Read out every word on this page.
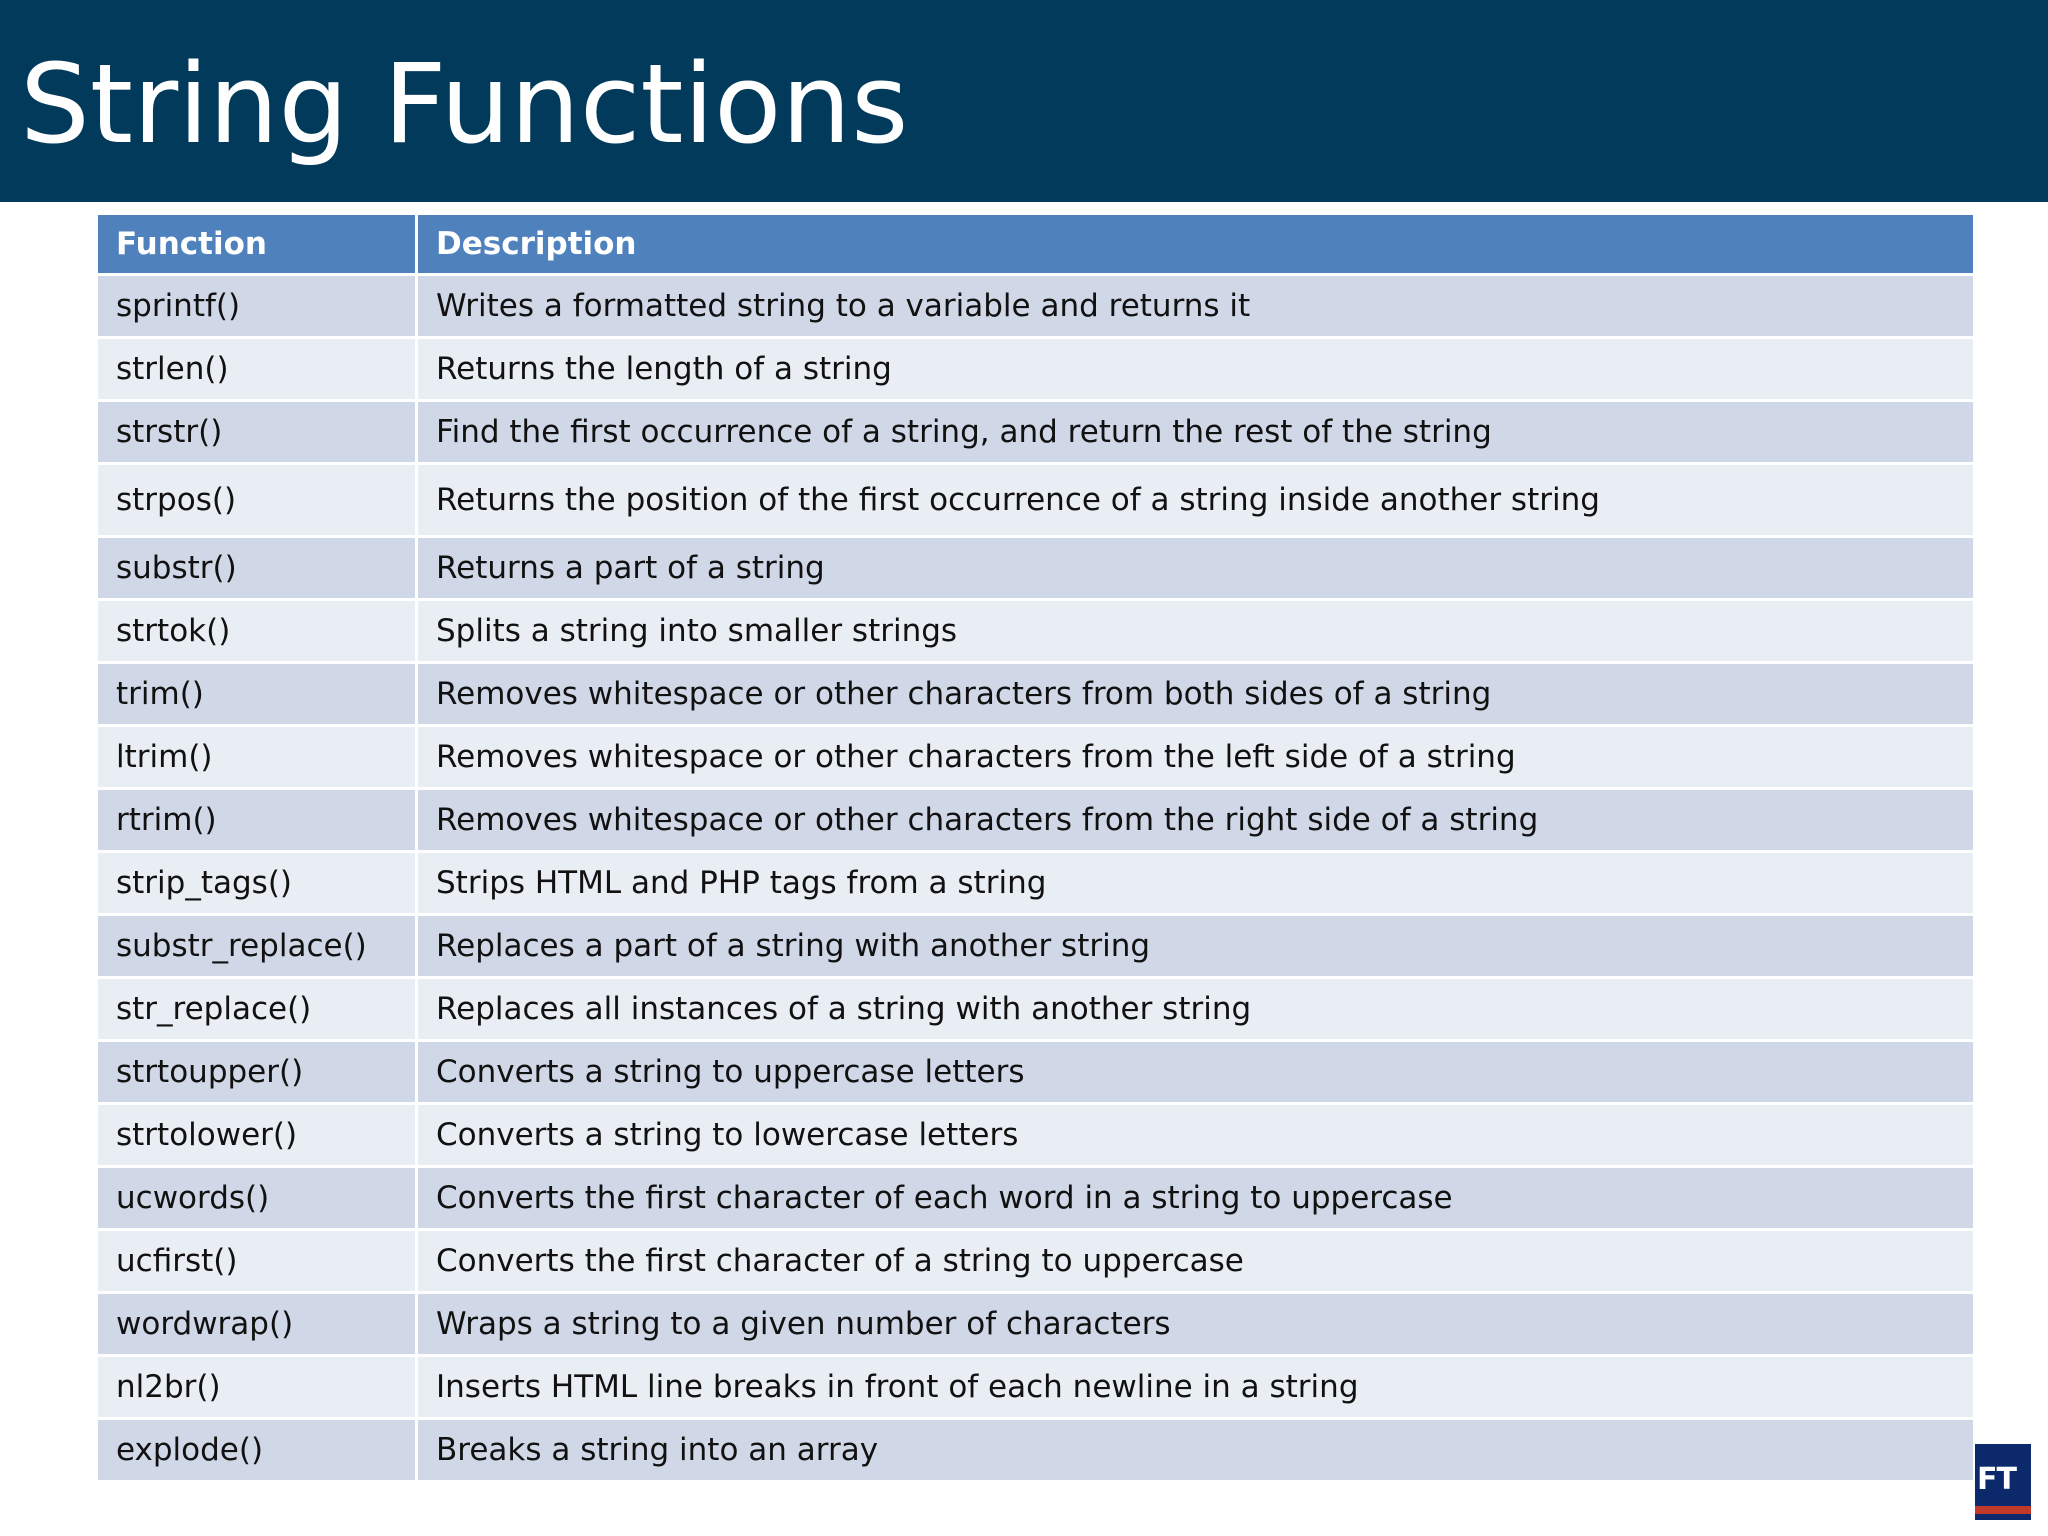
String Functions
Function	Description
sprintf()	Writes a formatted string to a variable and returns it
strlen()	Returns the length of a string
strstr()	Find the first occurrence of a string, and return the rest of the string
strpos()	Returns the position of the first occurrence of a string inside another string
substr()	Returns a part of a string
strtok()	Splits a string into smaller strings
trim()	Removes whitespace or other characters from both sides of a string
ltrim()	Removes whitespace or other characters from the left side of a string
rtrim()	Removes whitespace or other characters from the right side of a string
strip_tags()	Strips HTML and PHP tags from a string
substr_replace()	Replaces a part of a string with another string
str_replace()	Replaces all instances of a string with another string
strtoupper()	Converts a string to uppercase letters
strtolower()	Converts a string to lowercase letters
ucwords()	Converts the first character of each word in a string to uppercase
ucfirst()	Converts the first character of a string to uppercase
wordwrap()	Wraps a string to a given number of characters
nl2br()	Inserts HTML line breaks in front of each newline in a string
explode()	Breaks a string into an array
FT
